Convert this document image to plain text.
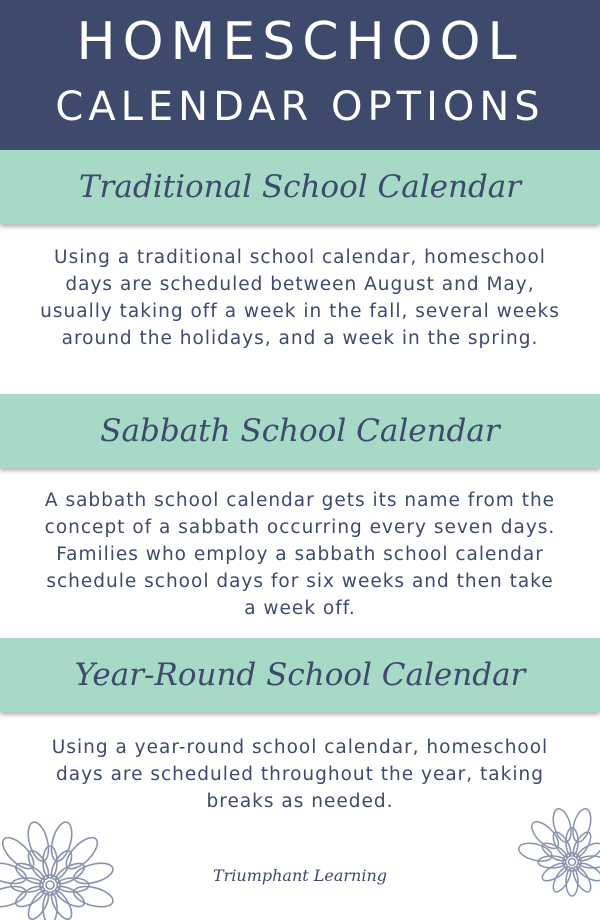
HOMESCHOOL
CALENDAR OPTIONS
Traditional School Calendar
Using a traditional school calendar, homeschool days are scheduled between August and May, usually taking off a week in the fall, several weeks around the holidays, and a week in the spring.
Sabbath School Calendar
A sabbath school calendar gets its name from the concept of a sabbath occurring every seven days. Families who employ a sabbath school calendar schedule school days for six weeks and then take a week off.
Year-Round School Calendar
Using a year-round school calendar, homeschool days are scheduled throughout the year, taking breaks as needed.
Triumphant Learning
